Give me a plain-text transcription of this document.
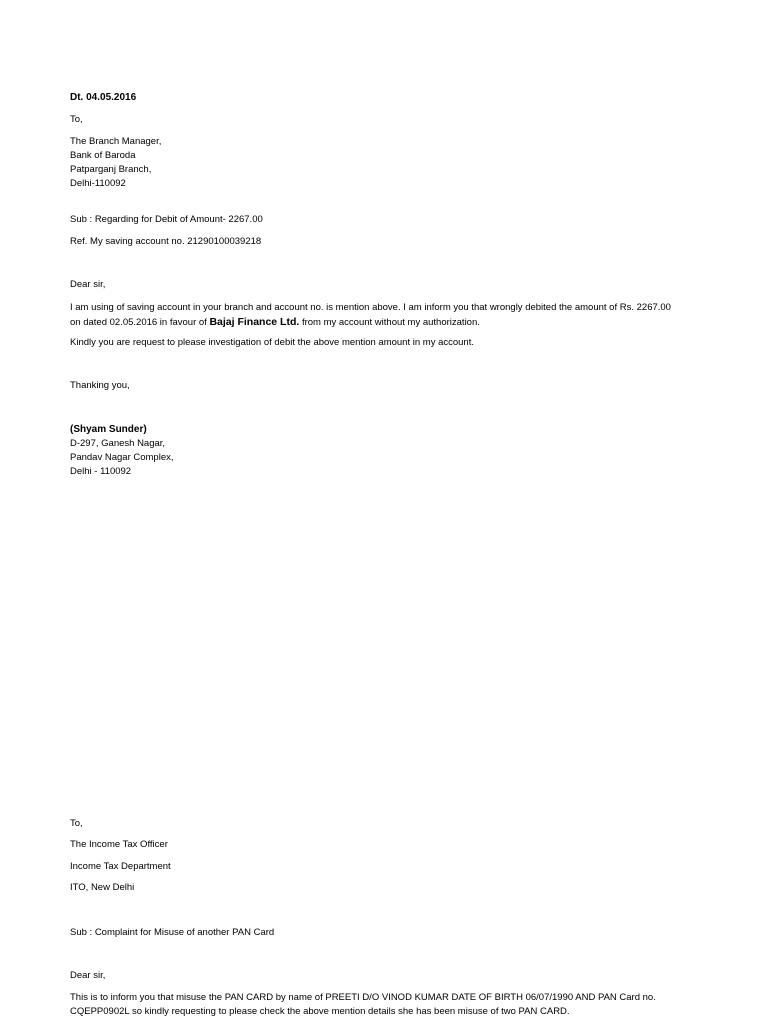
Dt. 04.05.2016
To,
The Branch Manager,
Bank of Baroda
Patparganj Branch,
Delhi-110092
Sub : Regarding for Debit of Amount- 2267.00
Ref. My saving account no. 21290100039218
Dear sir,
I am using of saving account in your branch and account no. is mention above. I am inform you that wrongly debited the amount of Rs. 2267.00
on dated 02.05.2016 in favour of Bajaj Finance Ltd. from my account without my authorization.
Kindly you are request to please investigation of debit the above mention amount in my account.
Thanking you,
(Shyam Sunder)
D-297, Ganesh Nagar,
Pandav Nagar Complex,
Delhi - 110092
To,
The Income Tax Officer
Income Tax Department
ITO, New Delhi
Sub : Complaint for Misuse of another PAN Card
Dear sir,
This is to inform you that misuse the PAN CARD by name of PREETI D/O VINOD KUMAR DATE OF BIRTH 06/07/1990 AND PAN Card no.
CQEPP0902L so kindly requesting to please check the above mention details she has been misuse of two PAN CARD.
